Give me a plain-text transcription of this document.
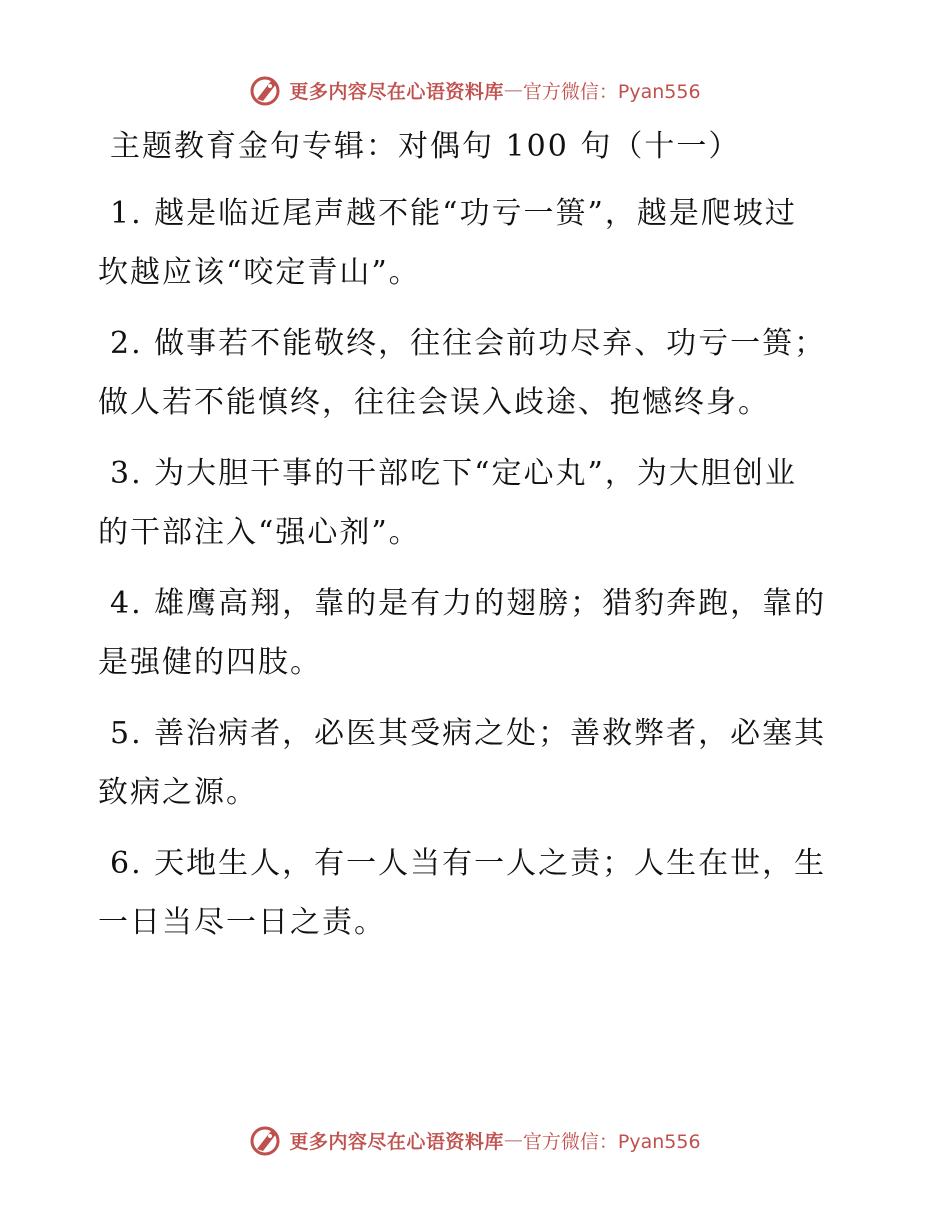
更多内容尽在心语资料库 — 官方微信：Pyan556
主题教育金句专辑：对偶句 100 句（十一）

1. 越是临近尾声越不能“功亏一篑”，越是爬坡过坎越应该“咬定青山”。

2. 做事若不能敬终，往往会前功尽弃、功亏一篑；做人若不能慎终，往往会误入歧途、抱憾终身。

3. 为大胆干事的干部吃下“定心丸”，为大胆创业的干部注入“强心剂”。

4. 雄鹰高翔，靠的是有力的翅膀；猎豹奔跑，靠的是强健的四肢。

5. 善治病者，必医其受病之处；善救弊者，必塞其致病之源。

6. 天地生人，有一人当有一人之责；人生在世，生一日当尽一日之责。

更多内容尽在心语资料库 — 官方微信：Pyan556
